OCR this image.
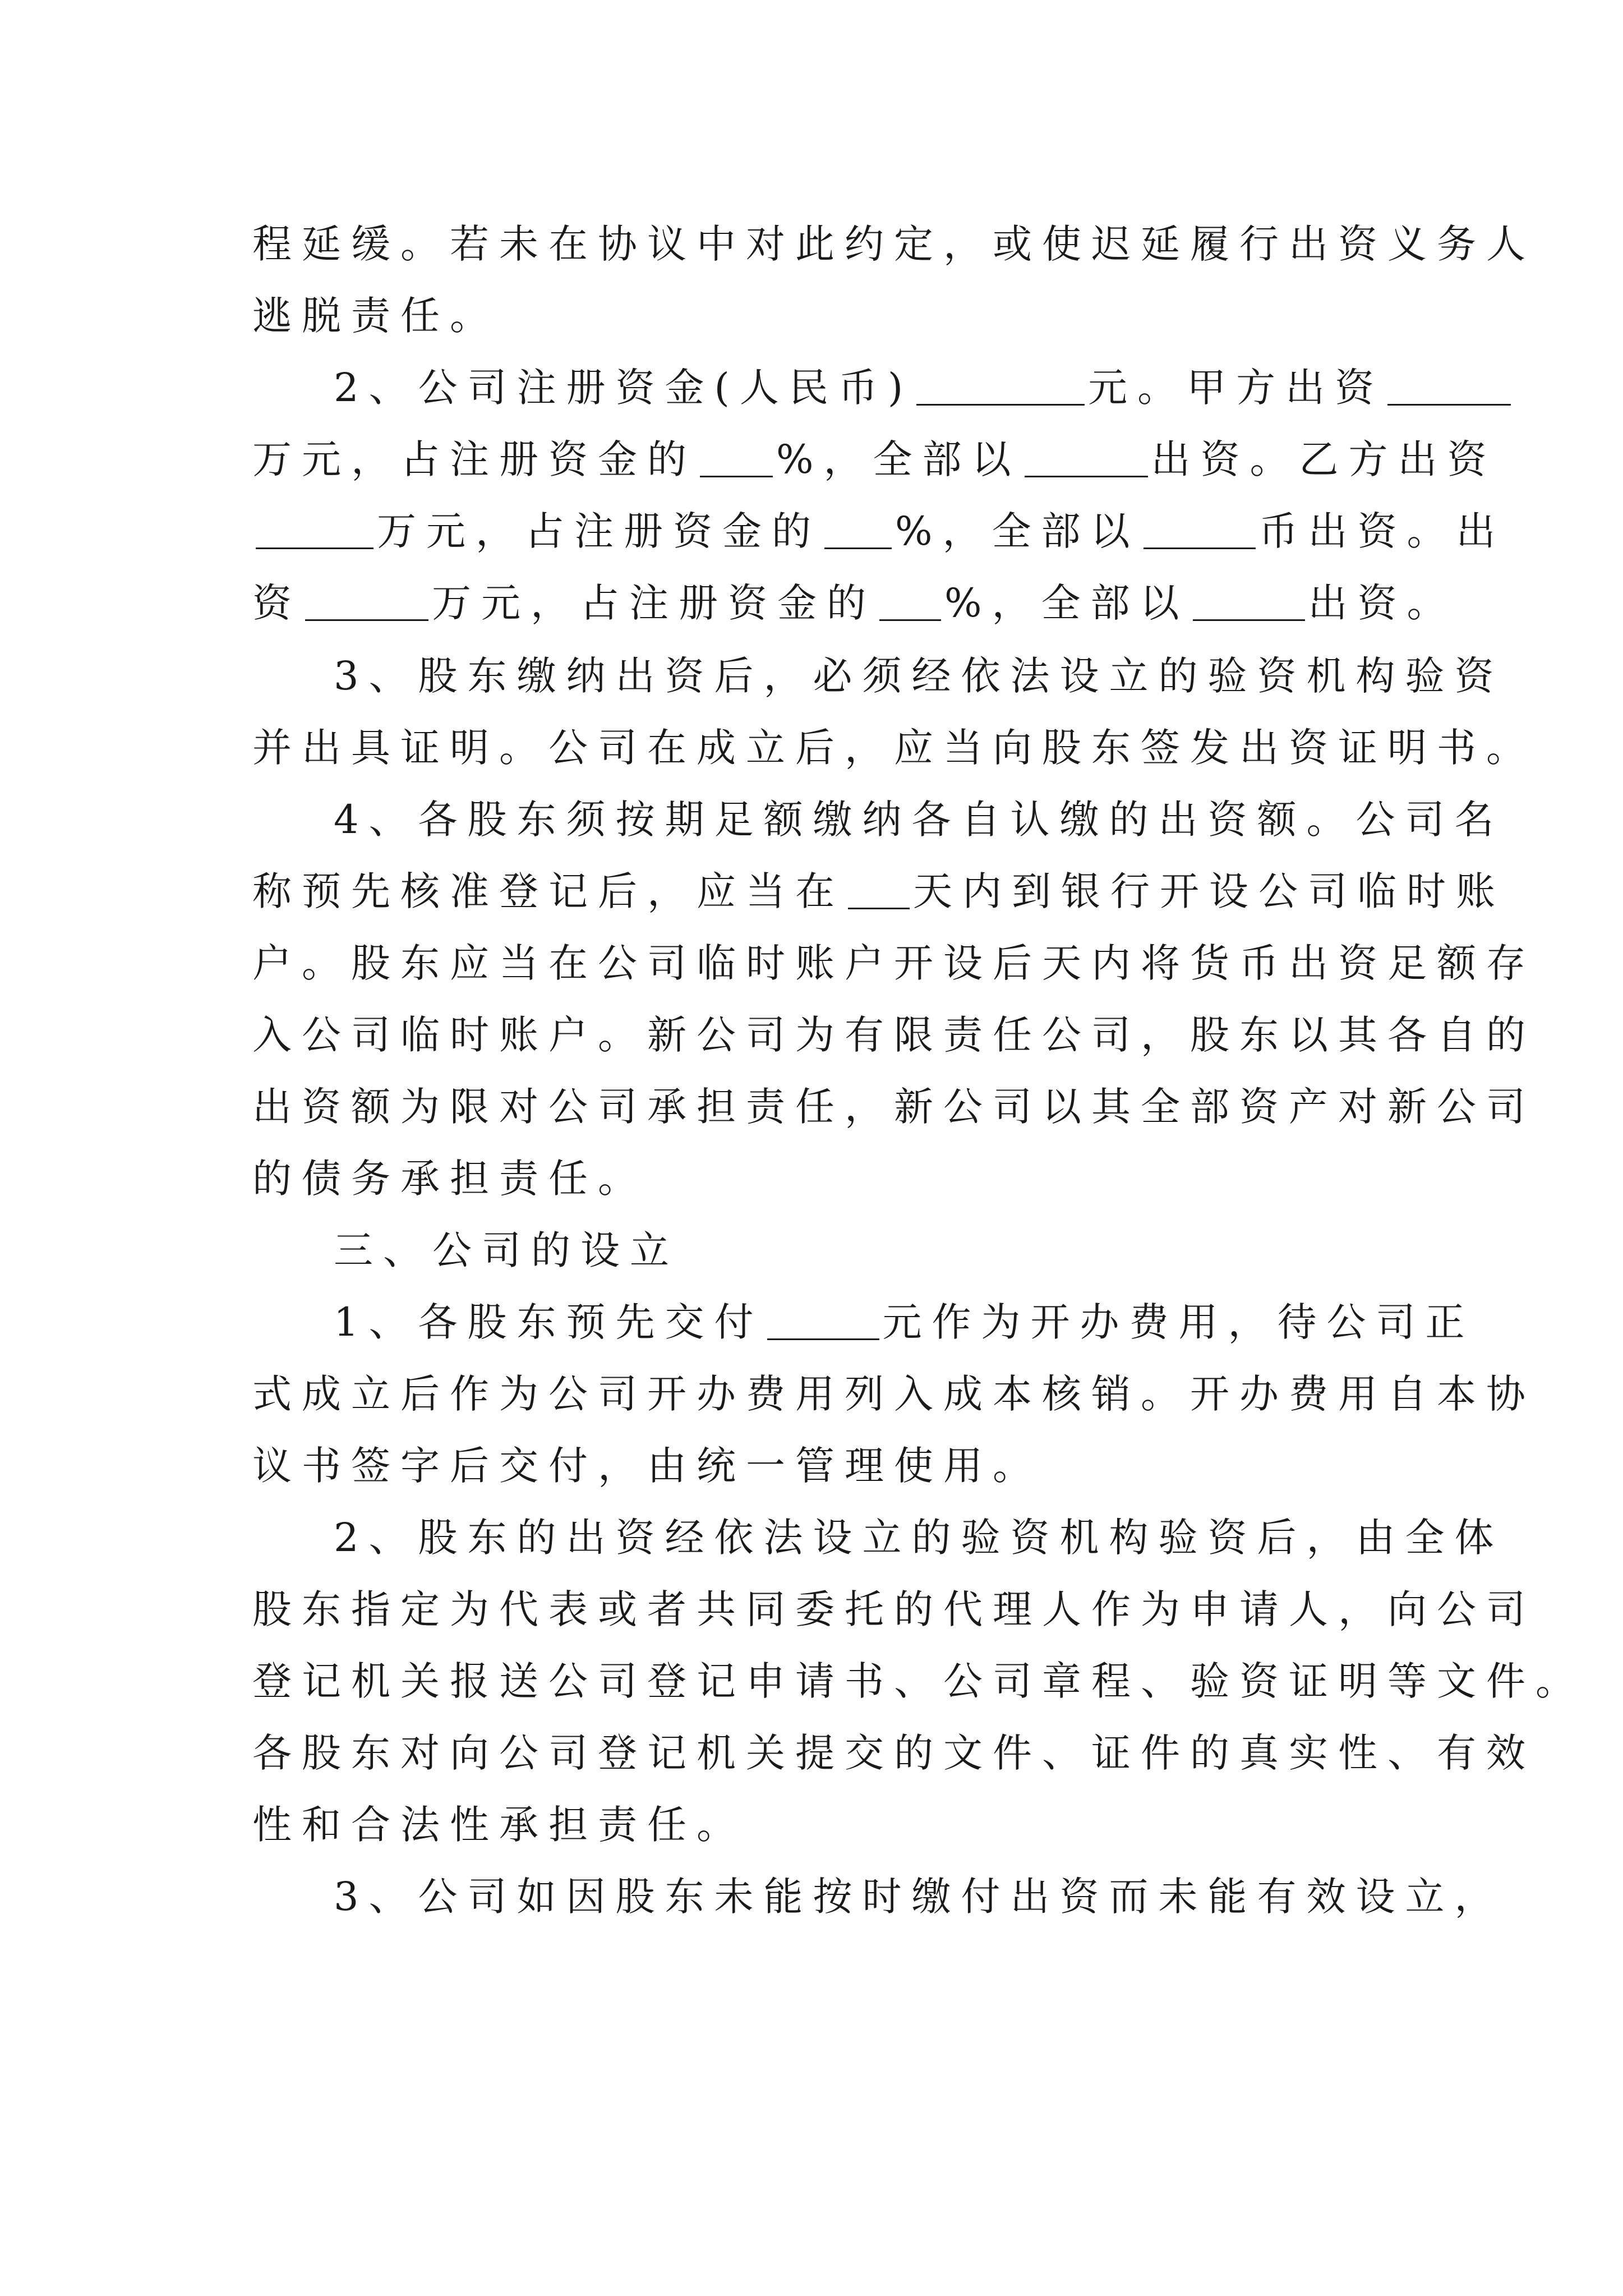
程延缓。若未在协议中对此约定，或使迟延履行出资义务人

逃脱责任。

2、公司注册资金(人民币)	元。甲方出资

万元，占注册资金的 %，全部以	出资。乙方出资

万元，占注册资金的 %，全部以	币出资。出

资	万元，占注册资金的 %，全部以	出资。

3、股东缴纳出资后，必须经依法设立的验资机构验资

并出具证明。公司在成立后，应当向股东签发出资证明书。

4、各股东须按期足额缴纳各自认缴的出资额。公司名

称预先核准登记后，应当在 天内到银行开设公司临时账

户。股东应当在公司临时账户开设后天内将货币出资足额存

入公司临时账户。新公司为有限责任公司，股东以其各自的

出资额为限对公司承担责任，新公司以其全部资产对新公司

的债务承担责任。

三、公司的设立

1、各股东预先交付	元作为开办费用，待公司正

式成立后作为公司开办费用列入成本核销。开办费用自本协

议书签字后交付，由统一管理使用。

2、股东的出资经依法设立的验资机构验资后，由全体

股东指定为代表或者共同委托的代理人作为申请人，向公司

登记机关报送公司登记申请书、公司章程、验资证明等文件。

各股东对向公司登记机关提交的文件、证件的真实性、有效

性和合法性承担责任。

3、公司如因股东未能按时缴付出资而未能有效设立，
